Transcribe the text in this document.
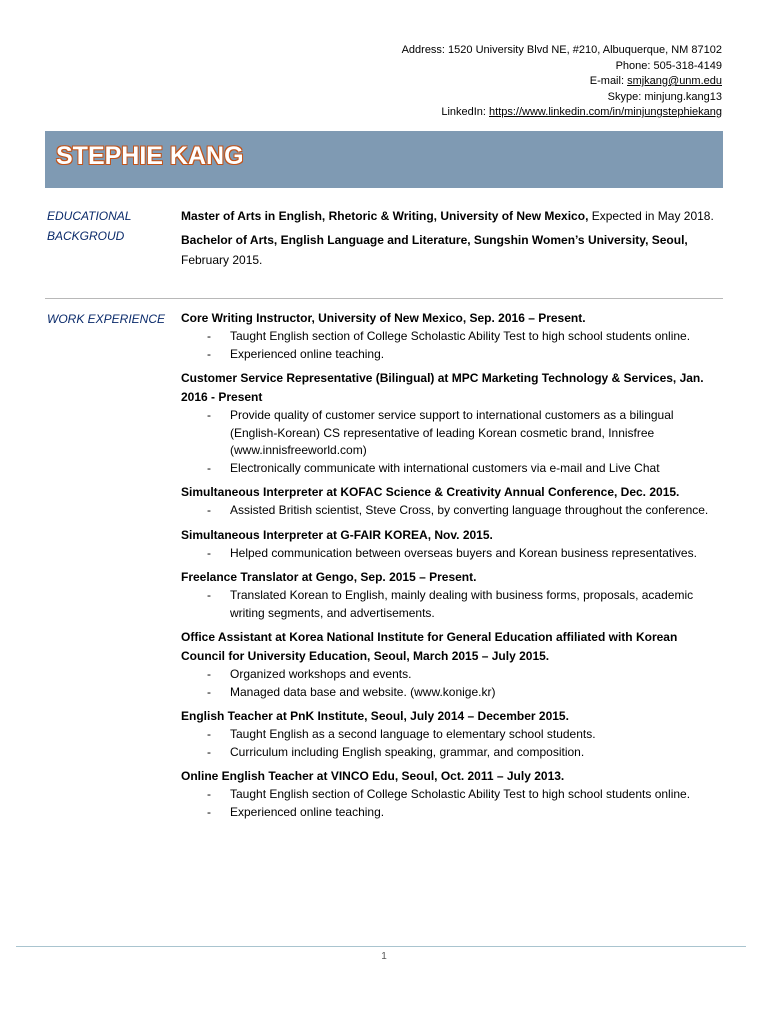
Address: 1520 University Blvd NE, #210, Albuquerque, NM 87102
Phone: 505-318-4149
E-mail: smjkang@unm.edu
Skype: minjung.kang13
LinkedIn: https://www.linkedin.com/in/minjungstephiekang
STEPHIE KANG
EDUCATIONAL
BACKGROUD

Master of Arts in English, Rhetoric & Writing, University of New Mexico, Expected in May 2018.

Bachelor of Arts, English Language and Literature, Sungshin Women’s University, Seoul, February 2015.

WORK EXPERIENCE	Core Writing Instructor, University of New Mexico, Sep. 2016 – Present.

- Taught English section of College Scholastic Ability Test to high school students online.
- Experienced online teaching.

Customer Service Representative (Bilingual) at MPC Marketing Technology & Services, Jan. 2016 - Present

- Provide quality of customer service support to international customers as a bilingual (English-Korean) CS representative of leading Korean cosmetic brand, Innisfree (www.innisfreeworld.com)
- Electronically communicate with international customers via e-mail and Live Chat

Simultaneous Interpreter at KOFAC Science & Creativity Annual Conference, Dec. 2015.

- Assisted British scientist, Steve Cross, by converting language throughout the conference.

Simultaneous Interpreter at G-FAIR KOREA, Nov. 2015.

- Helped communication between overseas buyers and Korean business representatives.

Freelance Translator at Gengo, Sep. 2015 – Present.

- Translated Korean to English, mainly dealing with business forms, proposals, academic writing segments, and advertisements.

Office Assistant at Korea National Institute for General Education affiliated with Korean Council for University Education, Seoul, March 2015 – July 2015.

- Organized workshops and events.
- Managed data base and website. (www.konige.kr)

English Teacher at PnK Institute, Seoul, July 2014 – December 2015.

- Taught English as a second language to elementary school students.
- Curriculum including English speaking, grammar, and composition.

Online English Teacher at VINCO Edu, Seoul, Oct. 2011 – July 2013.

- Taught English section of College Scholastic Ability Test to high school students online.
- Experienced online teaching.
1
